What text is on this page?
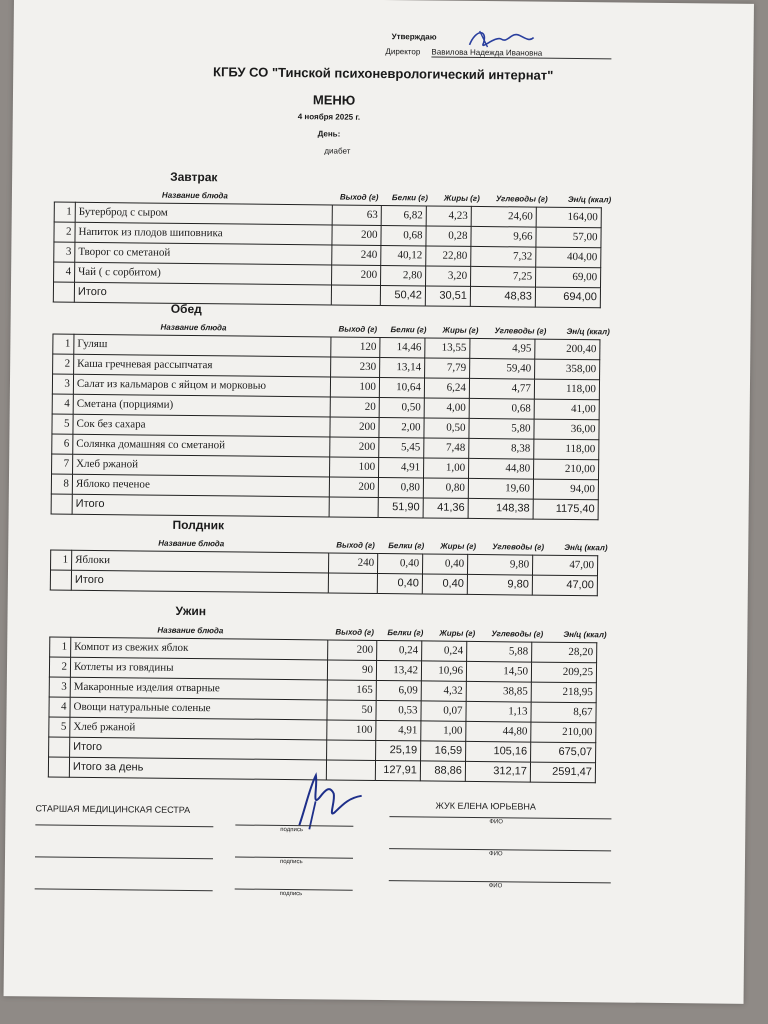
Утверждаю
Директор Вавилова Надежда Ивановна
КГБУ СО "Тинской психоневрологический интернат"
МЕНЮ
4 ноября 2025 г.
День:
диабет
Завтрак
Название блюда	Выход (г) Белки (г) Жиры (г) Углеводы (г)	Эн/ц (ккал)
1	Бутерброд с сыром	63	6,82	4,23	24,60	164,00
2	Напиток из плодов шиповника	200	0,68	0,28	9,66	57,00
3	Творог со сметаной	240	40,12	22,80	7,32	404,00
4	Чай ( с сорбитом)	200	2,80	3,20	7,25	69,00
	Итого		50,42	30,51	48,83	694,00
Обед
Название блюда	Выход (г) Белки (г) Жиры (г) Углеводы (г)	Эн/ц (ккал)
1	Гуляш	120	14,46	13,55	4,95	200,40
2	Каша гречневая рассыпчатая	230	13,14	7,79	59,40	358,00
3	Салат из кальмаров с яйцом и морковью	100	10,64	6,24	4,77	118,00
4	Сметана (порциями)	20	0,50	4,00	0,68	41,00
5	Сок без сахара	200	2,00	0,50	5,80	36,00
6	Солянка домашняя со сметаной	200	5,45	7,48	8,38	118,00
7	Хлеб ржаной	100	4,91	1,00	44,80	210,00
8	Яблоко печеное	200	0,80	0,80	19,60	94,00
	Итого		51,90	41,36	148,38	1175,40
Полдник
Название блюда	Выход (г) Белки (г) Жиры (г) Углеводы (г)	Эн/ц (ккал)
1	Яблоки	240	0,40	0,40	9,80	47,00
	Итого		0,40	0,40	9,80	47,00
Ужин
Название блюда	Выход (г) Белки (г) Жиры (г) Углеводы (г)	Эн/ц (ккал)
1	Компот из свежих яблок	200	0,24	0,24	5,88	28,20
2	Котлеты из говядины	90	13,42	10,96	14,50	209,25
3	Макаронные изделия отварные	165	6,09	4,32	38,85	218,95
4	Овощи натуральные соленые	50	0,53	0,07	1,13	8,67
5	Хлеб ржаной	100	4,91	1,00	44,80	210,00
	Итого		25,19	16,59	105,16	675,07
	Итого за день		127,91	88,86	312,17	2591,47
СТАРШАЯ МЕДИЦИНСКАЯ СЕСТРА	ЖУК ЕЛЕНА ЮРЬЕВНА
подпись
ФИО
подпись
ФИО
подпись
ФИО
